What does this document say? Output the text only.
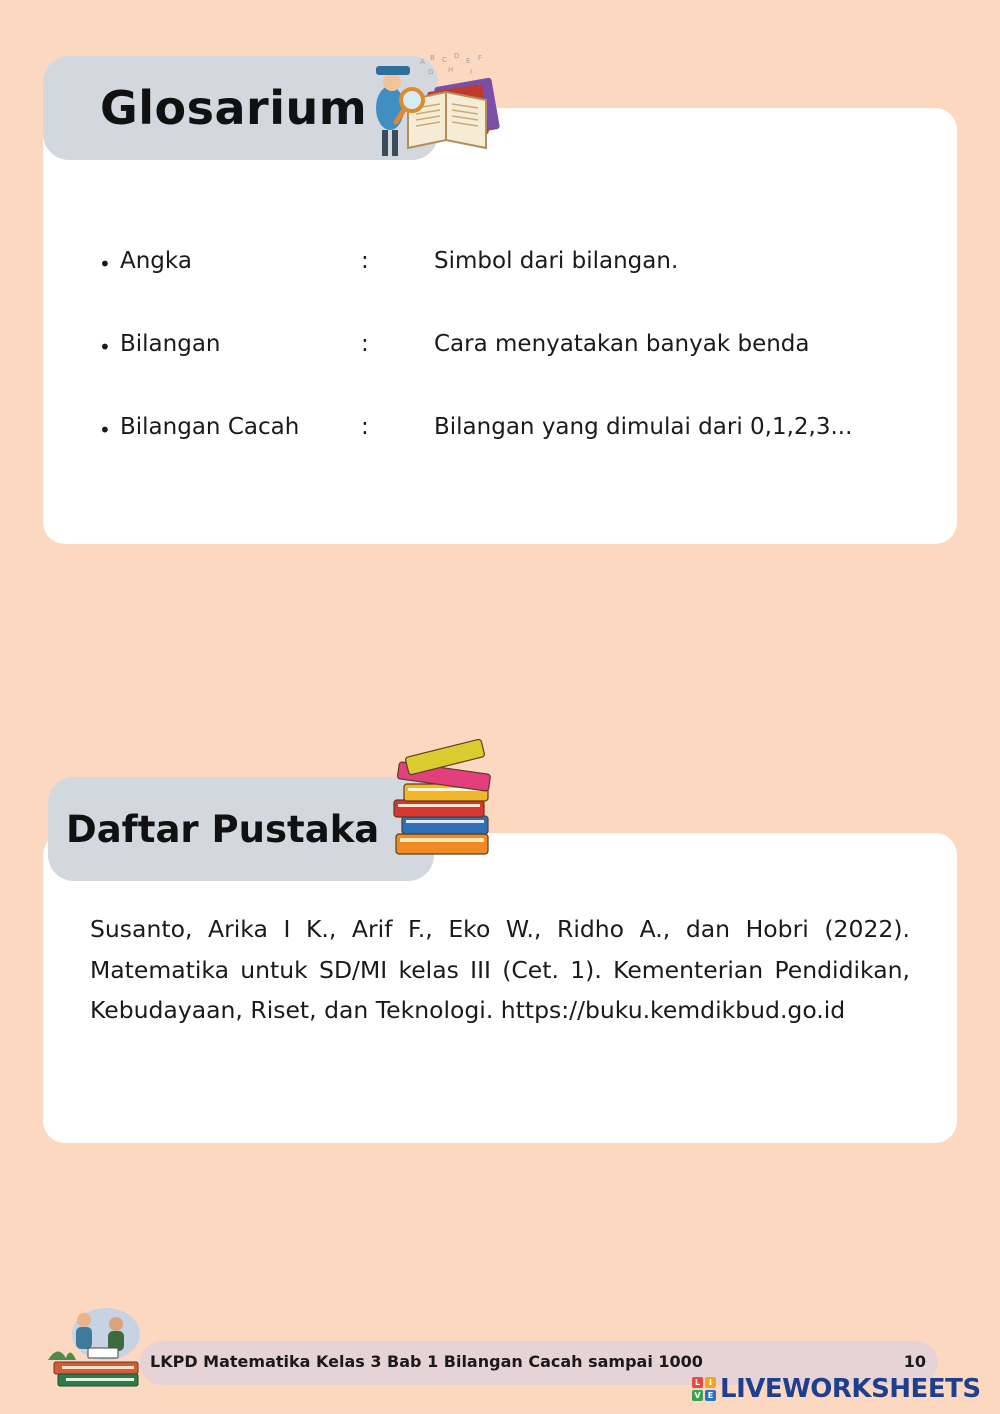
• Angka	:	Simbol dari bilangan.
• Bilangan	:	Cara menyatakan banyak benda
• Bilangan Cacah	:	Bilangan yang dimulai dari 0,1,2,3...
Glosarium
A B C D
E F
G H I
Susanto, Arika I K., Arif F., Eko W., Ridho A., dan Hobri (2022). Matematika untuk SD/MI kelas III (Cet. 1). Kementerian Pendidikan, Kebudayaan, Riset, dan Teknologi. https://buku.kemdikbud.go.id
Daftar Pustaka
LKPD Matematika Kelas 3 Bab 1 Bilangan Cacah sampai 1000	10
L	I
V E LIVEWORKSHEETS
